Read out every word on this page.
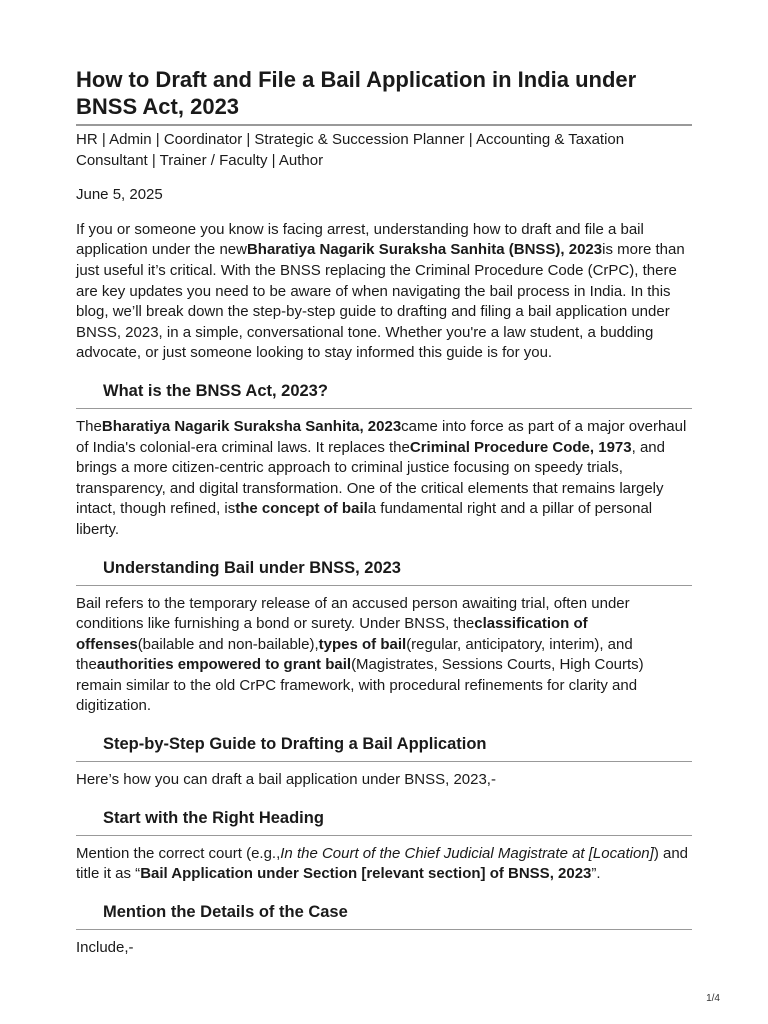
How to Draft and File a Bail Application in India under BNSS Act, 2023

HR | Admin | Coordinator | Strategic & Succession Planner | Accounting & Taxation Consultant | Trainer / Faculty | Author

June 5, 2025

If you or someone you know is facing arrest, understanding how to draft and file a bail application under the newBharatiya Nagarik Suraksha Sanhita (BNSS), 2023is more than just useful it’s critical. With the BNSS replacing the Criminal Procedure Code (CrPC), there are key updates you need to be aware of when navigating the bail process in India. In this blog, we’ll break down the step-by-step guide to drafting and filing a bail application under BNSS, 2023, in a simple, conversational tone. Whether you're a law student, a budding advocate, or just someone looking to stay informed this guide is for you.

What is the BNSS Act, 2023?

TheBharatiya Nagarik Suraksha Sanhita, 2023came into force as part of a major overhaul of India's colonial-era criminal laws. It replaces theCriminal Procedure Code, 1973, and brings a more citizen-centric approach to criminal justice focusing on speedy trials, transparency, and digital transformation. One of the critical elements that remains largely intact, though refined, isthe concept of baila fundamental right and a pillar of personal liberty.

Understanding Bail under BNSS, 2023

Bail refers to the temporary release of an accused person awaiting trial, often under conditions like furnishing a bond or surety. Under BNSS, theclassification of offenses(bailable and non-bailable),types of bail(regular, anticipatory, interim), and theauthorities empowered to grant bail(Magistrates, Sessions Courts, High Courts) remain similar to the old CrPC framework, with procedural refinements for clarity and digitization.

Step-by-Step Guide to Drafting a Bail Application

Here’s how you can draft a bail application under BNSS, 2023,-

Start with the Right Heading

Mention the correct court (e.g.,In the Court of the Chief Judicial Magistrate at [Location]) and title it as “Bail Application under Section [relevant section] of BNSS, 2023”.

Mention the Details of the Case

Include,-

1/4
